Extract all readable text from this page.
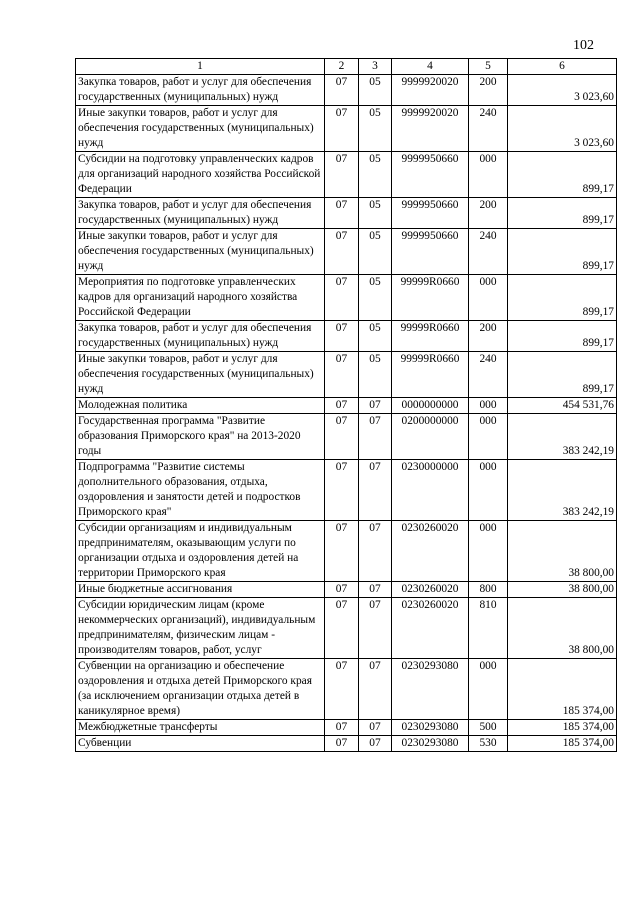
102
1	2	3	4	5	6
Закупка товаров, работ и услуг для обеспечения государственных (муниципальных) нужд	07	05	9999920020	200	3 023,60
Иные закупки товаров, работ и услуг для обеспечения государственных (муниципальных) нужд	07	05	9999920020	240	3 023,60
Субсидии на подготовку управленческих кадров для организаций народного хозяйства Российской Федерации	07	05	9999950660	000	899,17
Закупка товаров, работ и услуг для обеспечения государственных (муниципальных) нужд	07	05	9999950660	200	899,17
Иные закупки товаров, работ и услуг для обеспечения государственных (муниципальных) нужд	07	05	9999950660	240	899,17
Мероприятия по подготовке управленческих кадров для организаций народного хозяйства Российской Федерации	07	05	99999R0660	000	899,17
Закупка товаров, работ и услуг для обеспечения государственных (муниципальных) нужд	07	05	99999R0660	200	899,17
Иные закупки товаров, работ и услуг для обеспечения государственных (муниципальных) нужд	07	05	99999R0660	240	899,17
Молодежная политика	07	07	0000000000	000	454 531,76
Государственная программа "Развитие образования Приморского края" на 2013-2020 годы	07	07	0200000000	000	383 242,19
Подпрограмма "Развитие системы дополнительного образования, отдыха, оздоровления и занятости детей и подростков Приморского края"	07	07	0230000000	000	383 242,19
Субсидии организациям и индивидуальным предпринимателям, оказывающим услуги по организации отдыха и оздоровления детей на территории Приморского края	07	07	0230260020	000	38 800,00
Иные бюджетные ассигнования	07	07	0230260020	800	38 800,00
Субсидии юридическим лицам (кроме некоммерческих организаций), индивидуальным предпринимателям, физическим лицам - производителям товаров, работ, услуг	07	07	0230260020	810	38 800,00
Субвенции на организацию и обеспечение оздоровления и отдыха детей Приморского края (за исключением организации отдыха детей в каникулярное время)	07	07	0230293080	000	185 374,00
Межбюджетные трансферты	07	07	0230293080	500	185 374,00
Субвенции	07	07	0230293080	530	185 374,00
